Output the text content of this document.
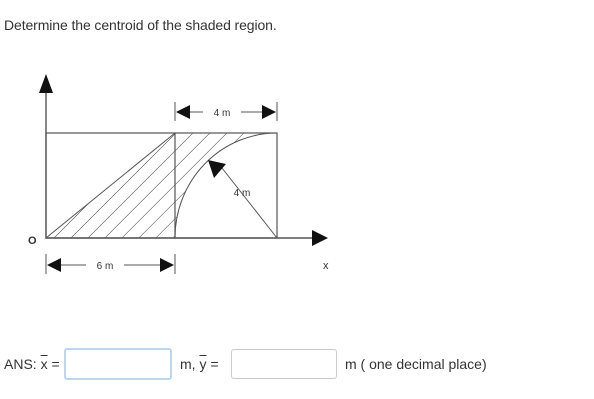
Determine the centroid of the shaded region.
4 m
4 m
6 m
O
x
ANS: $\overline{x}$ =	m, $\overline{y}$ =	m ( one decimal place)
